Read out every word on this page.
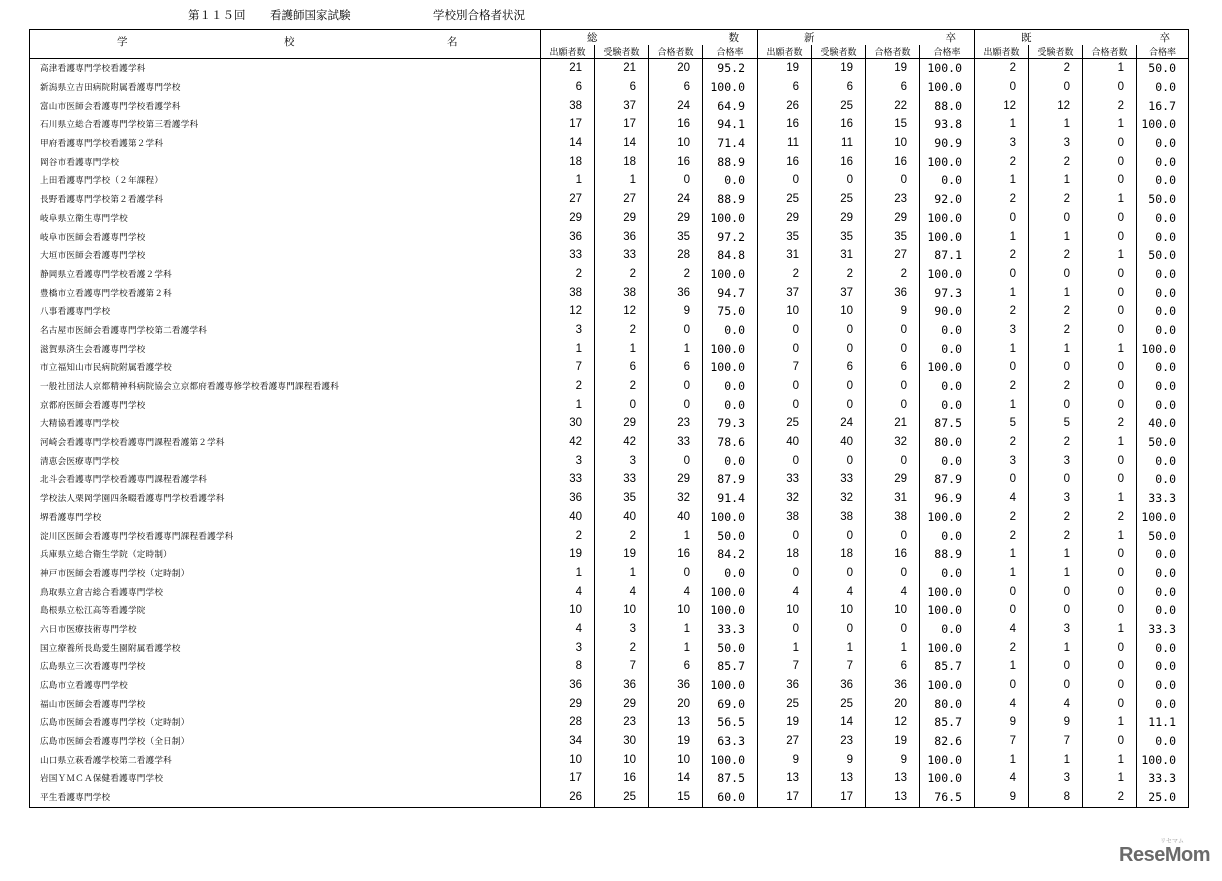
第１１５回 看護師国家試験	学校別合格者状況
学 校 名	総 数				新 卒				既 卒			

	出願者数	受験者数	合格者数	合格率	出願者数	受験者数	合格者数	合格率	出願者数	受験者数	合格者数	合格率
高津看護専門学校看護学科	21	21	20	95.2	19	19	19	100.0	2	2	1	50.0
新潟県立吉田病院附属看護専門学校	6	6	6	100.0	6	6	6	100.0	0	0	0	0.0
富山市医師会看護専門学校看護学科	38	37	24	64.9	26	25	22	88.0	12	12	2	16.7
石川県立総合看護専門学校第三看護学科	17	17	16	94.1	16	16	15	93.8	1	1	1	100.0
甲府看護専門学校看護第２学科	14	14	10	71.4	11	11	10	90.9	3	3	0	0.0
岡谷市看護専門学校	18	18	16	88.9	16	16	16	100.0	2	2	0	0.0
上田看護専門学校（２年課程）	1	1	0	0.0	0	0	0	0.0	1	1	0	0.0
長野看護専門学校第２看護学科	27	27	24	88.9	25	25	23	92.0	2	2	1	50.0
岐阜県立衛生専門学校	29	29	29	100.0	29	29	29	100.0	0	0	0	0.0
岐阜市医師会看護専門学校	36	36	35	97.2	35	35	35	100.0	1	1	0	0.0
大垣市医師会看護専門学校	33	33	28	84.8	31	31	27	87.1	2	2	1	50.0
静岡県立看護専門学校看護２学科	2	2	2	100.0	2	2	2	100.0	0	0	0	0.0
豊橋市立看護専門学校看護第２科	38	38	36	94.7	37	37	36	97.3	1	1	0	0.0
八事看護専門学校	12	12	9	75.0	10	10	9	90.0	2	2	0	0.0
名古屋市医師会看護専門学校第二看護学科	3	2	0	0.0	0	0	0	0.0	3	2	0	0.0
滋賀県済生会看護専門学校	1	1	1	100.0	0	0	0	0.0	1	1	1	100.0
市立福知山市民病院附属看護学校	7	6	6	100.0	7	6	6	100.0	0	0	0	0.0
一般社団法人京都精神科病院協会立京都府看護専修学校看護専門課程看護科	2	2	0	0.0	0	0	0	0.0	2	2	0	0.0
京都府医師会看護専門学校	1	0	0	0.0	0	0	0	0.0	1	0	0	0.0
大精協看護専門学校	30	29	23	79.3	25	24	21	87.5	5	5	2	40.0
河崎会看護専門学校看護専門課程看護第２学科	42	42	33	78.6	40	40	32	80.0	2	2	1	50.0
清恵会医療専門学校	3	3	0	0.0	0	0	0	0.0	3	3	0	0.0
北斗会看護専門学校看護専門課程看護学科	33	33	29	87.9	33	33	29	87.9	0	0	0	0.0
学校法人栗岡学園四条畷看護専門学校看護学科	36	35	32	91.4	32	32	31	96.9	4	3	1	33.3
堺看護専門学校	40	40	40	100.0	38	38	38	100.0	2	2	2	100.0
淀川区医師会看護専門学校看護専門課程看護学科	2	2	1	50.0	0	0	0	0.0	2	2	1	50.0
兵庫県立総合衛生学院（定時制）	19	19	16	84.2	18	18	16	88.9	1	1	0	0.0
神戸市医師会看護専門学校（定時制）	1	1	0	0.0	0	0	0	0.0	1	1	0	0.0
鳥取県立倉吉総合看護専門学校	4	4	4	100.0	4	4	4	100.0	0	0	0	0.0
島根県立松江高等看護学院	10	10	10	100.0	10	10	10	100.0	0	0	0	0.0
六日市医療技術専門学校	4	3	1	33.3	0	0	0	0.0	4	3	1	33.3
国立療養所長島愛生園附属看護学校	3	2	1	50.0	1	1	1	100.0	2	1	0	0.0
広島県立三次看護専門学校	8	7	6	85.7	7	7	6	85.7	1	0	0	0.0
広島市立看護専門学校	36	36	36	100.0	36	36	36	100.0	0	0	0	0.0
福山市医師会看護専門学校	29	29	20	69.0	25	25	20	80.0	4	4	0	0.0
広島市医師会看護専門学校（定時制）	28	23	13	56.5	19	14	12	85.7	9	9	1	11.1
広島市医師会看護専門学校（全日制）	34	30	19	63.3	27	23	19	82.6	7	7	0	0.0
山口県立萩看護学校第二看護学科	10	10	10	100.0	9	9	9	100.0	1	1	1	100.0
岩国ＹＭＣＡ保健看護専門学校	17	16	14	87.5	13	13	13	100.0	4	3	1	33.3
平生看護専門学校	26	25	15	60.0	17	17	13	76.5	9	8	2	25.0
リセマム
ReseMom
